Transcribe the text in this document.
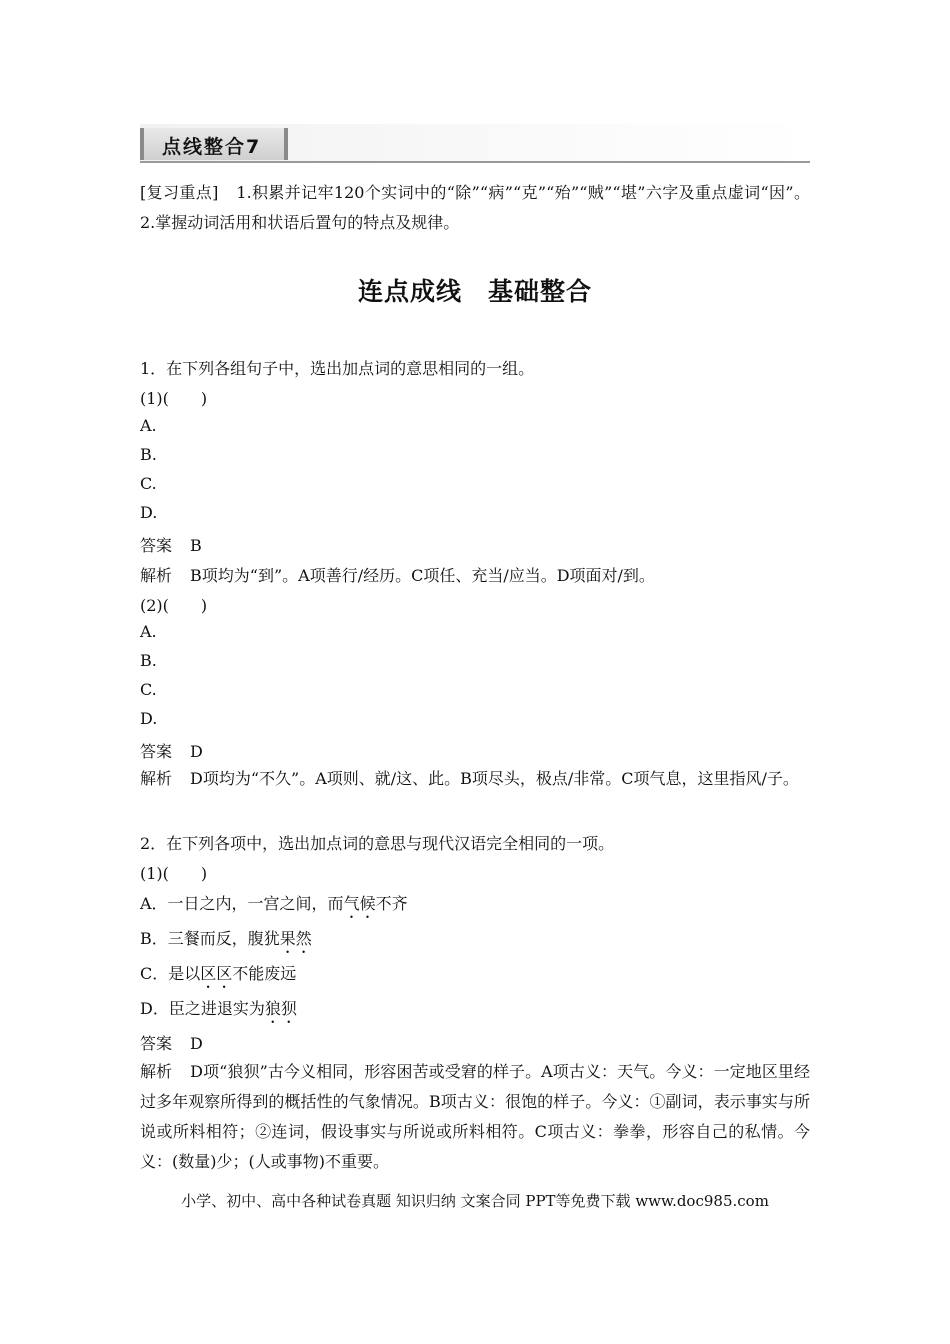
点线整合7
[复习重点] 1.积累并记牢120个实词中的“除”“病”“克”“殆”“贼”“堪”六字及重点虚词“因”。2.掌握动词活用和状语后置句的特点及规律。
连点成线　基础整合
1．在下列各组句子中，选出加点词的意思相同的一组。
(1)(　　)
A.
B.
C.
D.
答案 B
解析 B项均为“到”。A项善行/经历。C项任、充当/应当。D项面对/到。
(2)(　　)
A.
B.
C.
D.
答案 D
解析 D项均为“不久”。A项则、就/这、此。B项尽头，极点/非常。C项气息，这里指风/子。
2．在下列各项中，选出加点词的意思与现代汉语完全相同的一项。
(1)(　　)
A．一日之内，一宫之间，而气候不齐
B．三餐而反，腹犹果然
C．是以区区不能废远
D．臣之进退实为狼狈
答案 D
解析 D项“狼狈”古今义相同，形容困苦或受窘的样子。A项古义：天气。今义：一定地区里经过多年观察所得到的概括性的气象情况。B项古义：很饱的样子。今义：①副词，表示事实与所说或所料相符；②连词，假设事实与所说或所料相符。C项古义：拳拳，形容自己的私情。今义：(数量)少；(人或事物)不重要。
小学、初中、高中各种试卷真题 知识归纳 文案合同 PPT等免费下载 www.doc985.com
